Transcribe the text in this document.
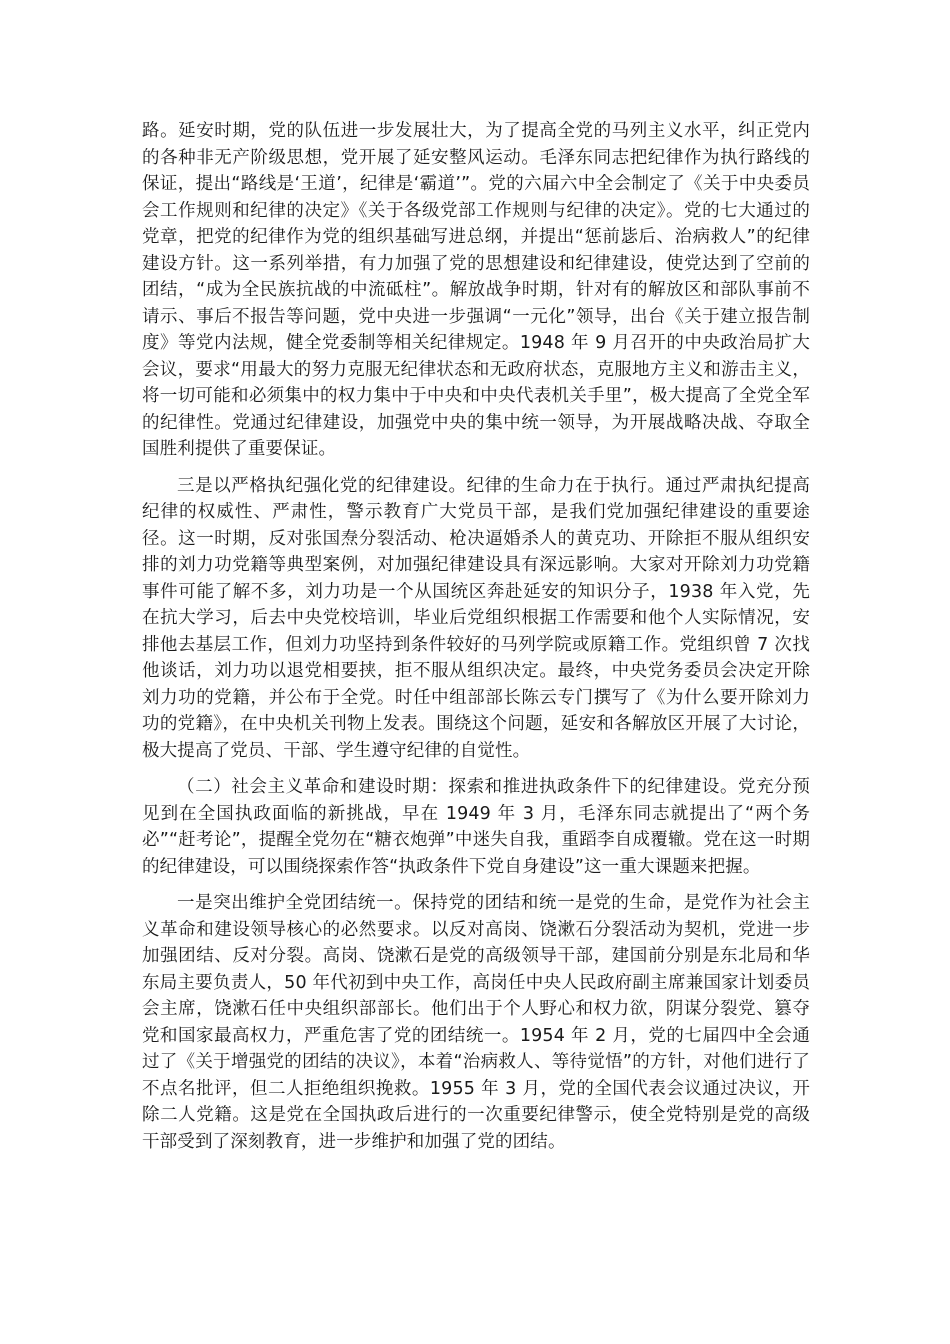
路。延安时期，党的队伍进一步发展壮大，为了提高全党的马列主义水平，纠正党内的各种非无产阶级思想，党开展了延安整风运动。毛泽东同志把纪律作为执行路线的保证，提出“路线是‘王道’，纪律是‘霸道’”。党的六届六中全会制定了《关于中央委员会工作规则和纪律的决定》《关于各级党部工作规则与纪律的决定》。党的七大通过的党章，把党的纪律作为党的组织基础写进总纲，并提出“惩前毖后、治病救人”的纪律建设方针。这一系列举措，有力加强了党的思想建设和纪律建设，使党达到了空前的团结，“成为全民族抗战的中流砥柱”。解放战争时期，针对有的解放区和部队事前不请示、事后不报告等问题，党中央进一步强调“一元化”领导，出台《关于建立报告制度》等党内法规，健全党委制等相关纪律规定。1948 年 9 月召开的中央政治局扩大会议，要求“用最大的努力克服无纪律状态和无政府状态，克服地方主义和游击主义，将一切可能和必须集中的权力集中于中央和中央代表机关手里”，极大提高了全党全军的纪律性。党通过纪律建设，加强党中央的集中统一领导，为开展战略决战、夺取全国胜利提供了重要保证。

三是以严格执纪强化党的纪律建设。纪律的生命力在于执行。通过严肃执纪提高纪律的权威性、严肃性，警示教育广大党员干部，是我们党加强纪律建设的重要途径。这一时期，反对张国焘分裂活动、枪决逼婚杀人的黄克功、开除拒不服从组织安排的刘力功党籍等典型案例，对加强纪律建设具有深远影响。大家对开除刘力功党籍事件可能了解不多，刘力功是一个从国统区奔赴延安的知识分子，1938 年入党，先在抗大学习，后去中央党校培训，毕业后党组织根据工作需要和他个人实际情况，安排他去基层工作，但刘力功坚持到条件较好的马列学院或原籍工作。党组织曾 7 次找他谈话，刘力功以退党相要挟，拒不服从组织决定。最终，中央党务委员会决定开除刘力功的党籍，并公布于全党。时任中组部部长陈云专门撰写了《为什么要开除刘力功的党籍》，在中央机关刊物上发表。围绕这个问题，延安和各解放区开展了大讨论，极大提高了党员、干部、学生遵守纪律的自觉性。

（二）社会主义革命和建设时期：探索和推进执政条件下的纪律建设。党充分预见到在全国执政面临的新挑战，早在 1949 年 3 月，毛泽东同志就提出了“两个务必”“赶考论”，提醒全党勿在“糖衣炮弹”中迷失自我，重蹈李自成覆辙。党在这一时期的纪律建设，可以围绕探索作答“执政条件下党自身建设”这一重大课题来把握。

一是突出维护全党团结统一。保持党的团结和统一是党的生命，是党作为社会主义革命和建设领导核心的必然要求。以反对高岗、饶漱石分裂活动为契机，党进一步加强团结、反对分裂。高岗、饶漱石是党的高级领导干部，建国前分别是东北局和华东局主要负责人，50 年代初到中央工作，高岗任中央人民政府副主席兼国家计划委员会主席，饶漱石任中央组织部部长。他们出于个人野心和权力欲，阴谋分裂党、篡夺党和国家最高权力，严重危害了党的团结统一。1954 年 2 月，党的七届四中全会通过了《关于增强党的团结的决议》，本着“治病救人、等待觉悟”的方针，对他们进行了不点名批评，但二人拒绝组织挽救。1955 年 3 月，党的全国代表会议通过决议，开除二人党籍。这是党在全国执政后进行的一次重要纪律警示，使全党特别是党的高级干部受到了深刻教育，进一步维护和加强了党的团结。
